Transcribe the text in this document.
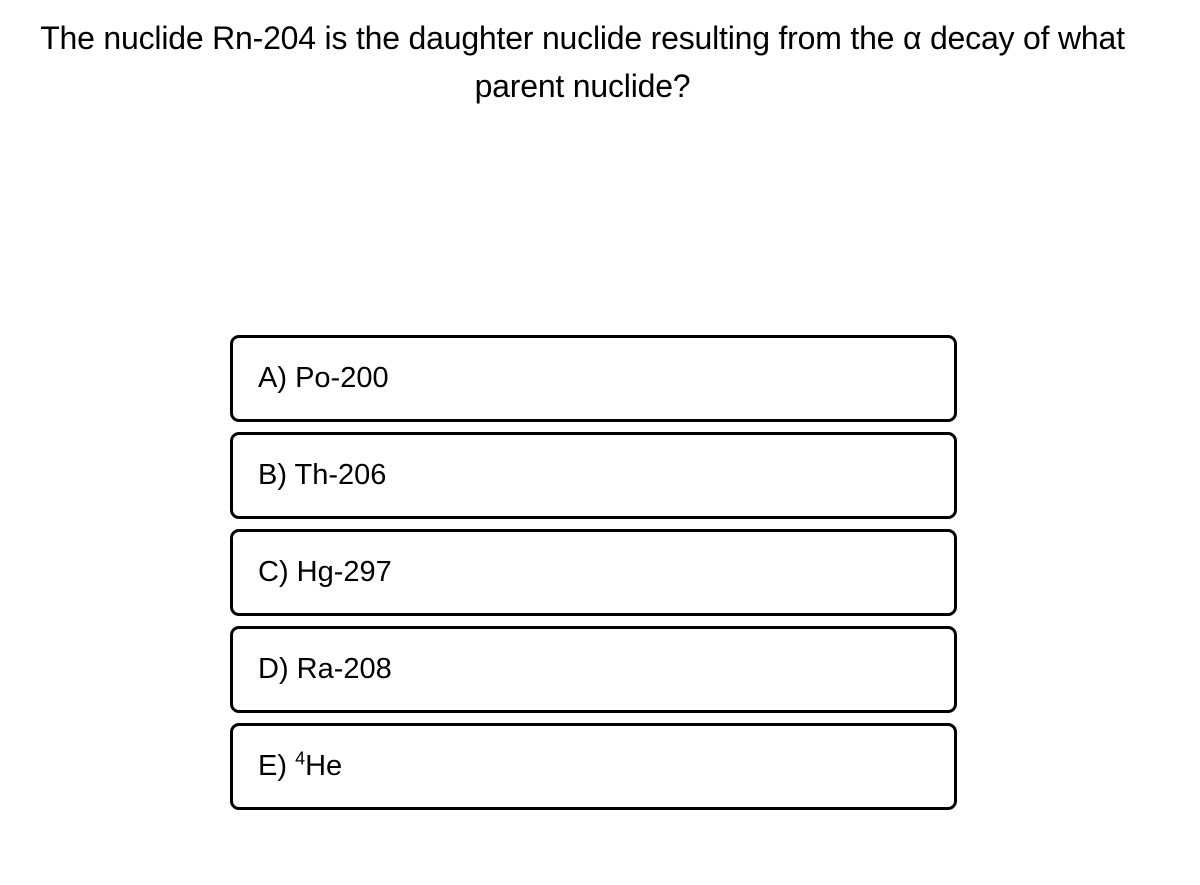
The nuclide Rn-204 is the daughter nuclide resulting from the α decay of what
parent nuclide?
A) Po-200
B) Th-206
C) Hg-297
D) Ra-208
E) $^4$He
